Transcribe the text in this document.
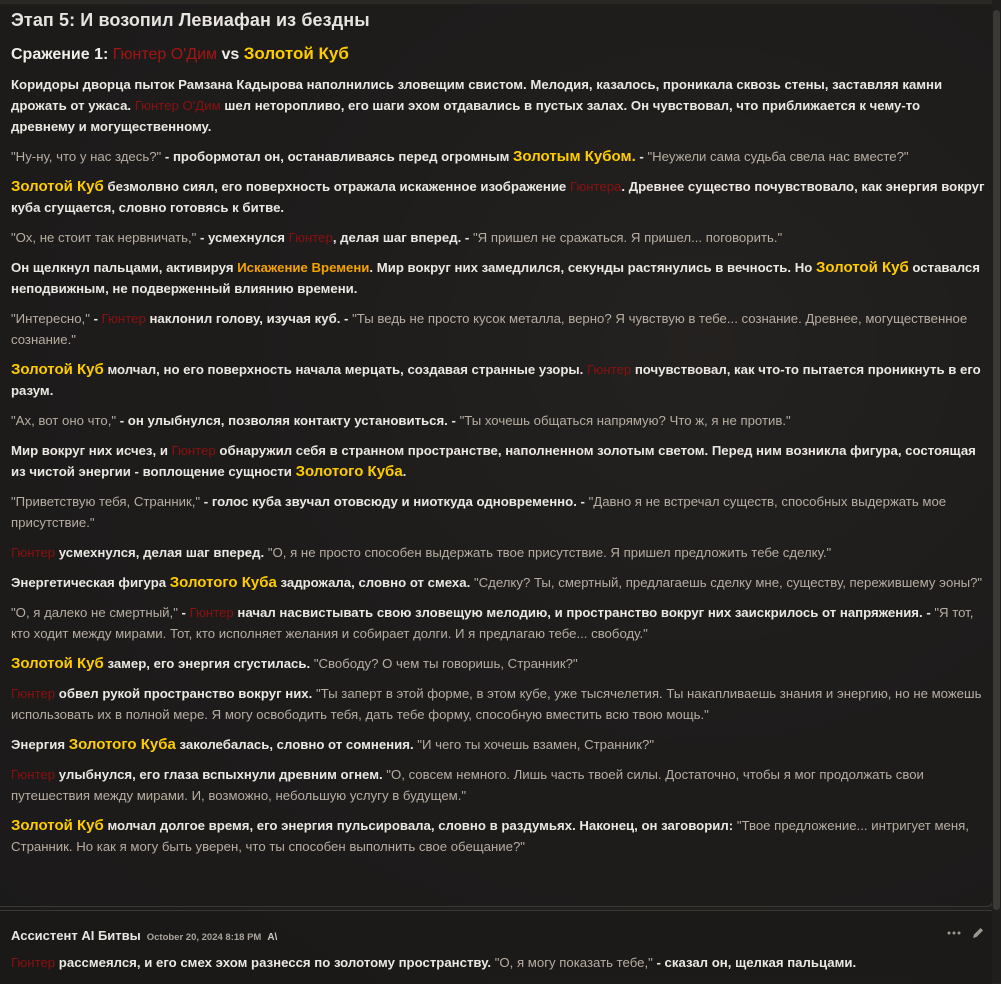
Этап 5: И возопил Левиафан из бездны
Сражение 1: Гюнтер О'Дим vs Золотой Куб
Коридоры дворца пыток Рамзана Кадырова наполнились зловещим свистом. Мелодия, казалось, проникала сквозь стены, заставляя камни дрожать от ужаса. Гюнтер О'Дим шел неторопливо, его шаги эхом отдавались в пустых залах. Он чувствовал, что приближается к чему-то древнему и могущественному.
"Ну-ну, что у нас здесь?" - пробормотал он, останавливаясь перед огромным Золотым Кубом. - "Неужели сама судьба свела нас вместе?"
Золотой Куб безмолвно сиял, его поверхность отражала искаженное изображение Гюнтера. Древнее существо почувствовало, как энергия вокруг куба сгущается, словно готовясь к битве.
"Ох, не стоит так нервничать," - усмехнулся Гюнтер, делая шаг вперед. - "Я пришел не сражаться. Я пришел... поговорить."
Он щелкнул пальцами, активируя Искажение Времени. Мир вокруг них замедлился, секунды растянулись в вечность. Но Золотой Куб оставался неподвижным, не подверженный влиянию времени.
"Интересно," - Гюнтер наклонил голову, изучая куб. - "Ты ведь не просто кусок металла, верно? Я чувствую в тебе... сознание. Древнее, могущественное сознание."
Золотой Куб молчал, но его поверхность начала мерцать, создавая странные узоры. Гюнтер почувствовал, как что-то пытается проникнуть в его разум.
"Ах, вот оно что," - он улыбнулся, позволяя контакту установиться. - "Ты хочешь общаться напрямую? Что ж, я не против."
Мир вокруг них исчез, и Гюнтер обнаружил себя в странном пространстве, наполненном золотым светом. Перед ним возникла фигура, состоящая из чистой энергии - воплощение сущности Золотого Куба.
"Приветствую тебя, Странник," - голос куба звучал отовсюду и ниоткуда одновременно. - "Давно я не встречал существ, способных выдержать мое присутствие."
Гюнтер усмехнулся, делая шаг вперед. "О, я не просто способен выдержать твое присутствие. Я пришел предложить тебе сделку."
Энергетическая фигура Золотого Куба задрожала, словно от смеха. "Сделку? Ты, смертный, предлагаешь сделку мне, существу, пережившему эоны?"
"О, я далеко не смертный," - Гюнтер начал насвистывать свою зловещую мелодию, и пространство вокруг них заискрилось от напряжения. - "Я тот, кто ходит между мирами. Тот, кто исполняет желания и собирает долги. И я предлагаю тебе... свободу."
Золотой Куб замер, его энергия сгустилась. "Свободу? О чем ты говоришь, Странник?"
Гюнтер обвел рукой пространство вокруг них. "Ты заперт в этой форме, в этом кубе, уже тысячелетия. Ты накапливаешь знания и энергию, но не можешь использовать их в полной мере. Я могу освободить тебя, дать тебе форму, способную вместить всю твою мощь."
Энергия Золотого Куба заколебалась, словно от сомнения. "И чего ты хочешь взамен, Странник?"
Гюнтер улыбнулся, его глаза вспыхнули древним огнем. "О, совсем немного. Лишь часть твоей силы. Достаточно, чтобы я мог продолжать свои путешествия между мирами. И, возможно, небольшую услугу в будущем."
Золотой Куб молчал долгое время, его энергия пульсировала, словно в раздумьях. Наконец, он заговорил: "Твое предложение... интригует меня, Странник. Но как я могу быть уверен, что ты способен выполнить свое обещание?"
Ассистент AI Битвы October 20, 2024 8:18 PM A\
Гюнтер рассмеялся, и его смех эхом разнесся по золотому пространству. "О, я могу показать тебе," - сказал он, щелкая пальцами.
